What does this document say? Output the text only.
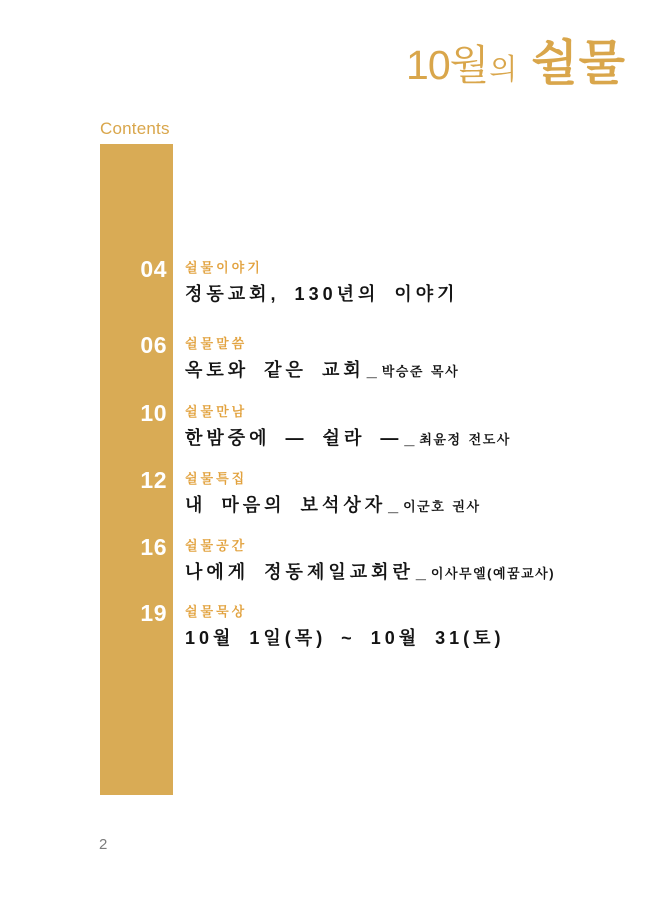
10월의 쉴물
Contents
04 쉴물이야기
정동교회, 130년의 이야기
06 쉴물말씀
옥토와 같은 교회 _ 박승준 목사
10 쉴물만남
한밤중에 — 쉴라 — _ 최윤정 전도사
12 쉴물특집
내 마음의 보석상자 _ 이군호 권사
16 쉴물공간
나에게 정동제일교회란 _ 이사무엘(예꿈교사)
19 쉴물묵상
10월 1일(목) ~ 10월 31(토)
2
